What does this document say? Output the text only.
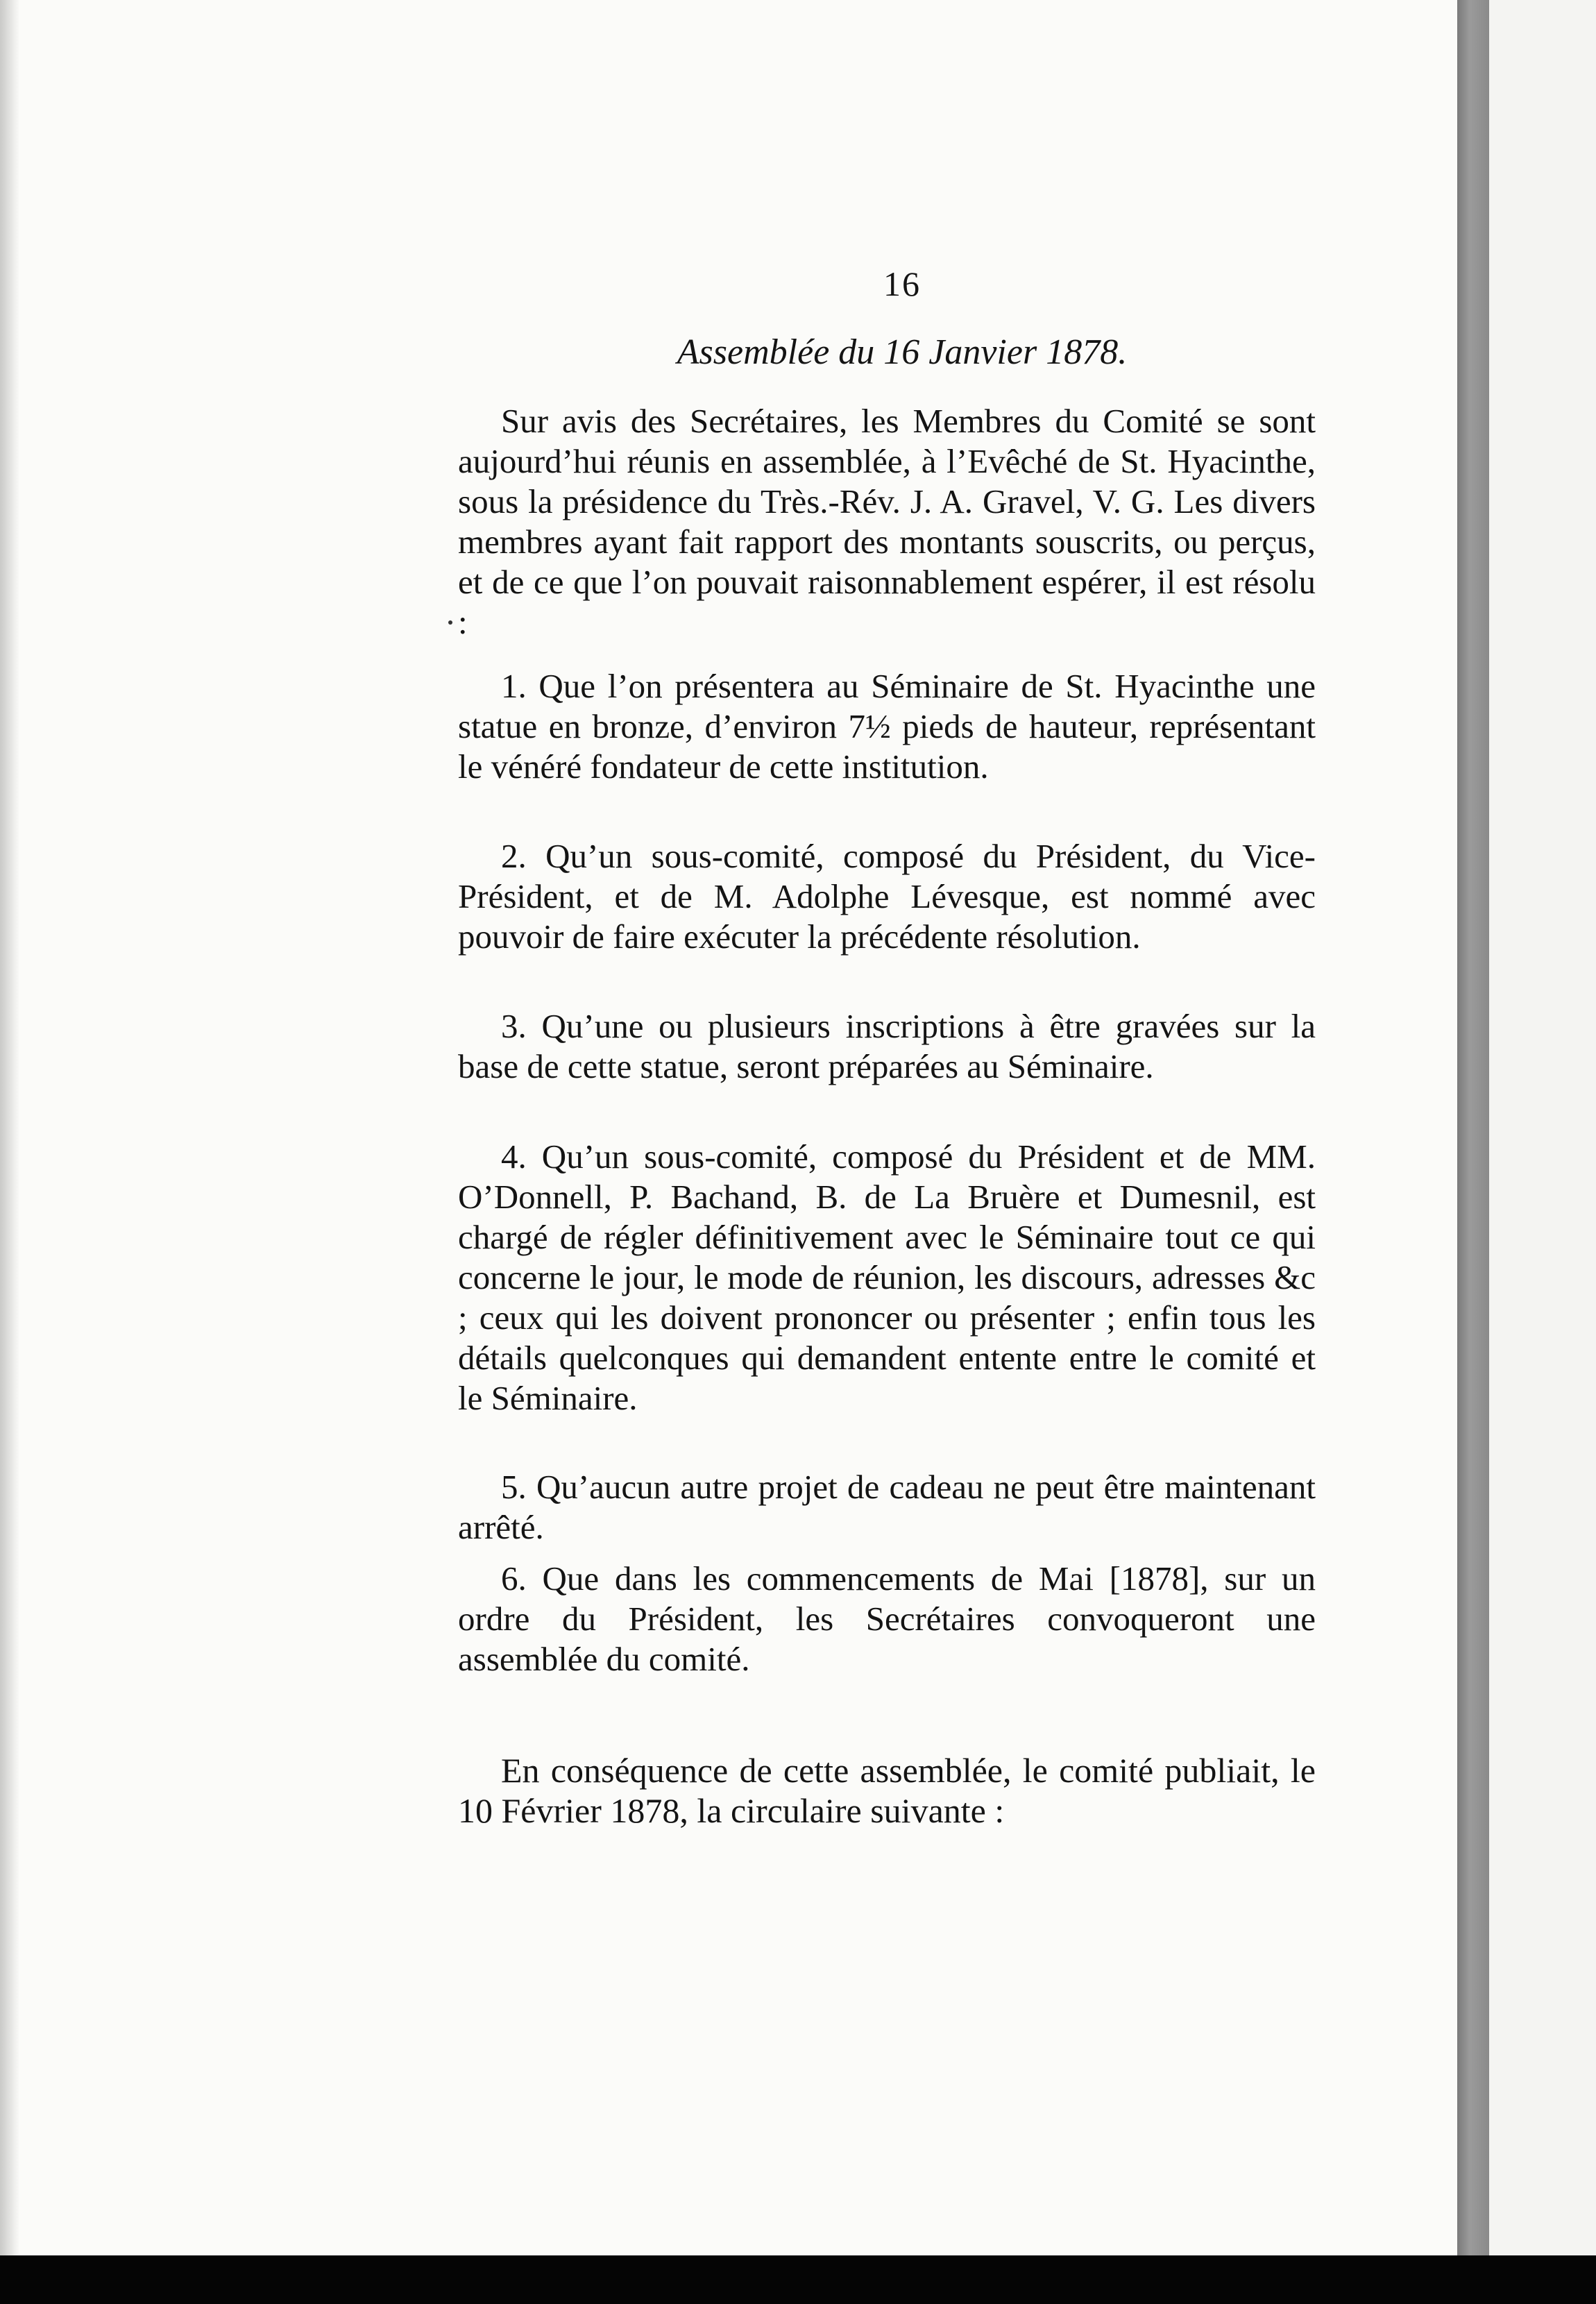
16
Assemblée du 16 Janvier 1878.

Sur avis des Secrétaires, les Membres du Comité se sont aujourd’hui réunis en assemblée, à l’Evêché de St. Hyacinthe, sous la présidence du Très.-Rév. J. A. Gravel, V. G. Les divers membres ayant fait rapport des montants souscrits, ou perçus, et de ce que l’on pouvait raisonnablement espérer, il est résolu :

1. Que l’on présentera au Séminaire de St. Hyacinthe une statue en bronze, d’environ 7½ pieds de hauteur, représentant le vénéré fondateur de cette institution.

2. Qu’un sous-comité, composé du Président, du Vice-Président, et de M. Adolphe Lévesque, est nommé avec pouvoir de faire exécuter la précédente résolution.

3. Qu’une ou plusieurs inscriptions à être gravées sur la base de cette statue, seront préparées au Séminaire.

4. Qu’un sous-comité, composé du Président et de MM. O’Donnell, P. Bachand, B. de La Bruère et Dumesnil, est chargé de régler définitivement avec le Séminaire tout ce qui concerne le jour, le mode de réunion, les discours, adresses &c ; ceux qui les doivent prononcer ou présenter ; enfin tous les détails quelconques qui demandent entente entre le comité et le Séminaire.

5. Qu’aucun autre projet de cadeau ne peut être maintenant arrêté.

6. Que dans les commencements de Mai [1878], sur un ordre du Président, les Secrétaires convoqueront une assemblée du comité.

En conséquence de cette assemblée, le comité publiait, le 10 Février 1878, la circulaire suivante :
